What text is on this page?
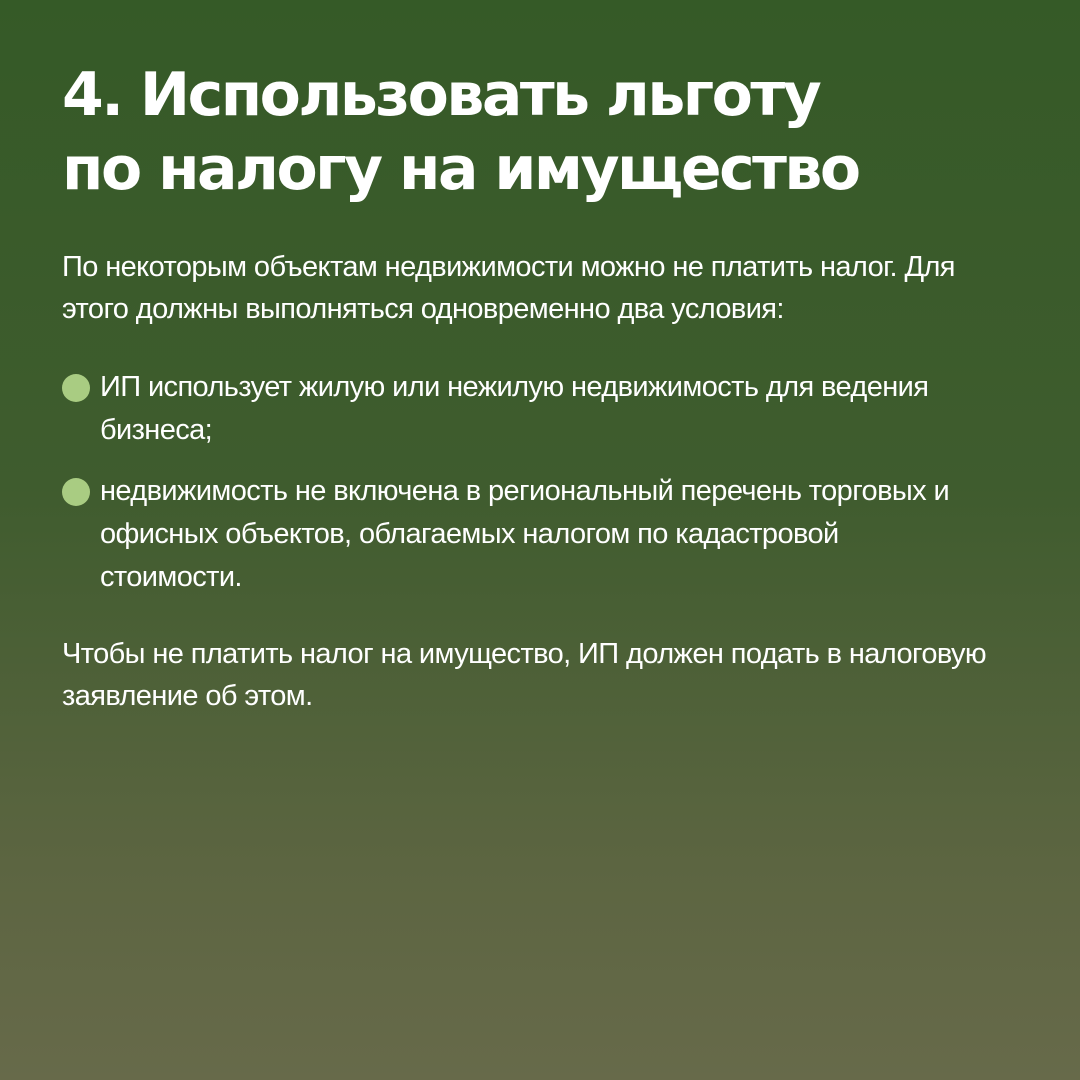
4. Использовать льготу
по налогу на имущество

По некоторым объектам недвижимости можно не платить налог. Для этого должны выполняться одновременно два условия:

ИП использует жилую или нежилую недвижимость для ведения бизнеса;
недвижимость не включена в региональный перечень торговых и офисных объектов, облагаемых налогом по кадастровой стоимости.

Чтобы не платить налог на имущество, ИП должен подать в налоговую заявление об этом.
